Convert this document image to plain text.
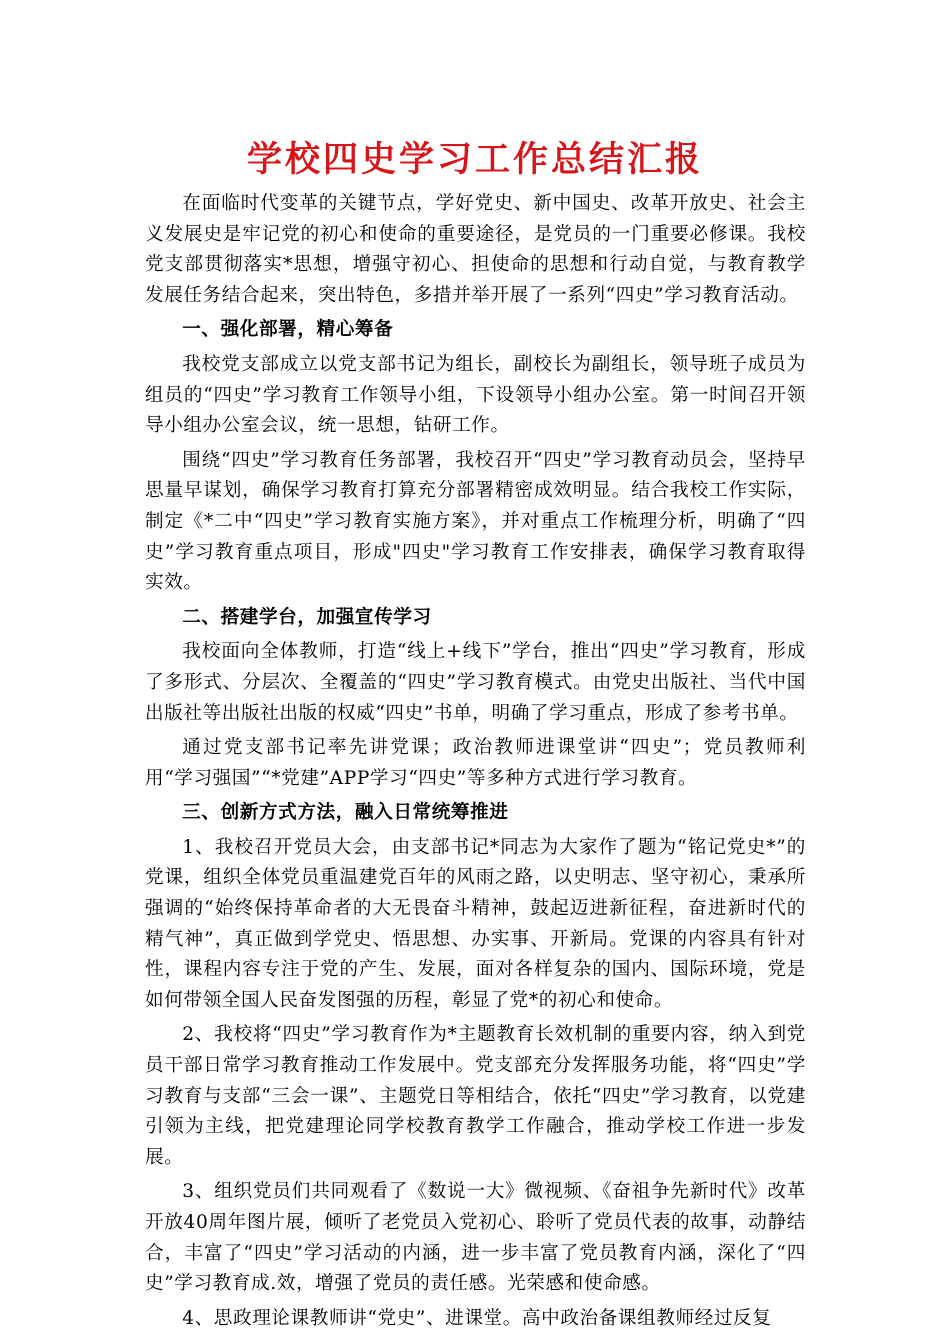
学校四史学习工作总结汇报

在面临时代变革的关键节点，学好党史、新中国史、改革开放史、社会主义发展史是牢记党的初心和使命的重要途径，是党员的一门重要必修课。我校党支部贯彻落实*思想，增强守初心、担使命的思想和行动自觉，与教育教学发展任务结合起来，突出特色，多措并举开展了一系列“四史”学习教育活动。

一、强化部署，精心筹备

我校党支部成立以党支部书记为组长，副校长为副组长，领导班子成员为组员的“四史”学习教育工作领导小组，下设领导小组办公室。第一时间召开领导小组办公室会议，统一思想，钻研工作。

围绕“四史”学习教育任务部署，我校召开“四史”学习教育动员会，坚持早思量早谋划，确保学习教育打算充分部署精密成效明显。结合我校工作实际，制定《*二中“四史”学习教育实施方案》，并对重点工作梳理分析，明确了“四史”学习教育重点项目，形成"四史"学习教育工作安排表，确保学习教育取得实效。

二、搭建学台，加强宣传学习

我校面向全体教师，打造“线上+线下”学台，推出“四史”学习教育，形成了多形式、分层次、全覆盖的“四史”学习教育模式。由党史出版社、当代中国出版社等出版社出版的权威“四史”书单，明确了学习重点，形成了参考书单。

通过党支部书记率先讲党课；政治教师进课堂讲“四史”；党员教师利用“学习强国”“*党建”APP学习“四史”等多种方式进行学习教育。

三、创新方式方法，融入日常统筹推进

1、我校召开党员大会，由支部书记*同志为大家作了题为“铭记党史*”的党课，组织全体党员重温建党百年的风雨之路，以史明志、坚守初心，秉承所强调的“始终保持革命者的大无畏奋斗精神，鼓起迈进新征程，奋进新时代的精气神”，真正做到学党史、悟思想、办实事、开新局。党课的内容具有针对性，课程内容专注于党的产生、发展，面对各样复杂的国内、国际环境，党是如何带领全国人民奋发图强的历程，彰显了党*的初心和使命。

2、我校将“四史”学习教育作为*主题教育长效机制的重要内容，纳入到党员干部日常学习教育推动工作发展中。党支部充分发挥服务功能，将“四史”学习教育与支部“三会一课”、主题党日等相结合，依托“四史”学习教育，以党建引领为主线，把党建理论同学校教育教学工作融合，推动学校工作进一步发展。

3、组织党员们共同观看了《数说一大》微视频、《奋祖争先新时代》改革开放40周年图片展，倾听了老党员入党初心、聆听了党员代表的故事，动静结合，丰富了“四史”学习活动的内涵，进一步丰富了党员教育内涵，深化了“四史”学习教育成.效，增强了党员的责任感。光荣感和使命感。

4、思政理论课教师讲“党史”、进课堂。高中政治备课组教师经过反复
